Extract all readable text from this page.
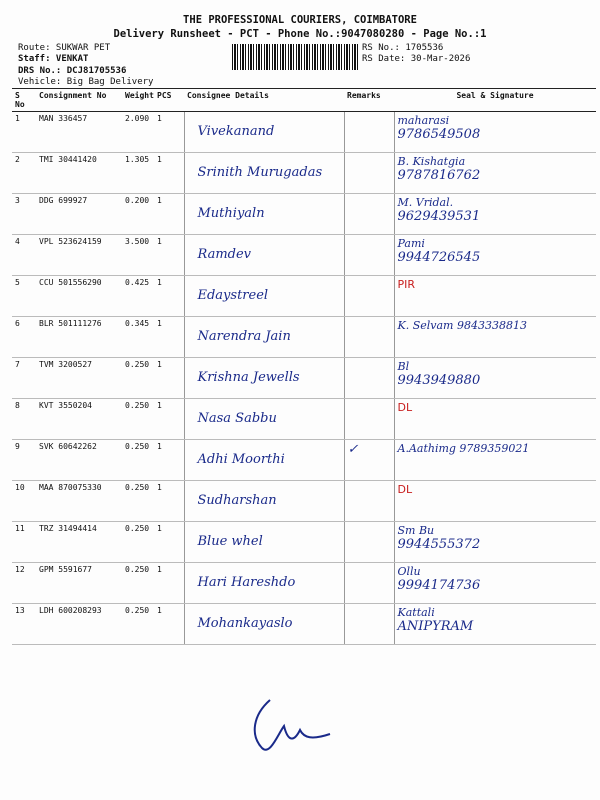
THE PROFESSIONAL COURIERS, COIMBATORE
Delivery Runsheet - PCT - Phone No.:9047080280 - Page No.:1
Route: SUKWAR PET
Staff: VENKAT
DRS No.: DCJ81705536
Vehicle: Big Bag Delivery
RS No.: 1705536
RS Date: 30-Mar-2026
S No	Consignment No	Weight	PCS	Consignee Details	Remarks	Seal & Signature
1	MAN 336457	2.090	1	Vivekanand		maharasi
9786549508

2	TMI 30441420	1.305	1	Srinith Murugadas		B. Kishatgia
9787816762

3	DDG 699927	0.200	1	Muthiyaln		M. Vridal.
9629439531

4	VPL 523624159	3.500	1	Ramdev		Pami
9944726545

5	CCU 501556290	0.425	1	Edaystreel		PIR

6	BLR 501111276	0.345	1	Narendra Jain		K. Selvam 9843338813

7	TVM 3200527	0.250	1	Krishna Jewells		Bl
9943949880

8	KVT 3550204	0.250	1	Nasa Sabbu		DL

9	SVK 60642262	0.250	1	Adhi Moorthi	✓	A.Aathimg 9789359021

10	MAA 870075330	0.250	1	Sudharshan		DL

11	TRZ 31494414	0.250	1	Blue whel		Sm Bu
9944555372

12	GPM 5591677	0.250	1	Hari Hareshdo		Ollu
9994174736

13	LDH 600208293	0.250	1	Mohankayaslo		Kattali
ANIPYRAM
